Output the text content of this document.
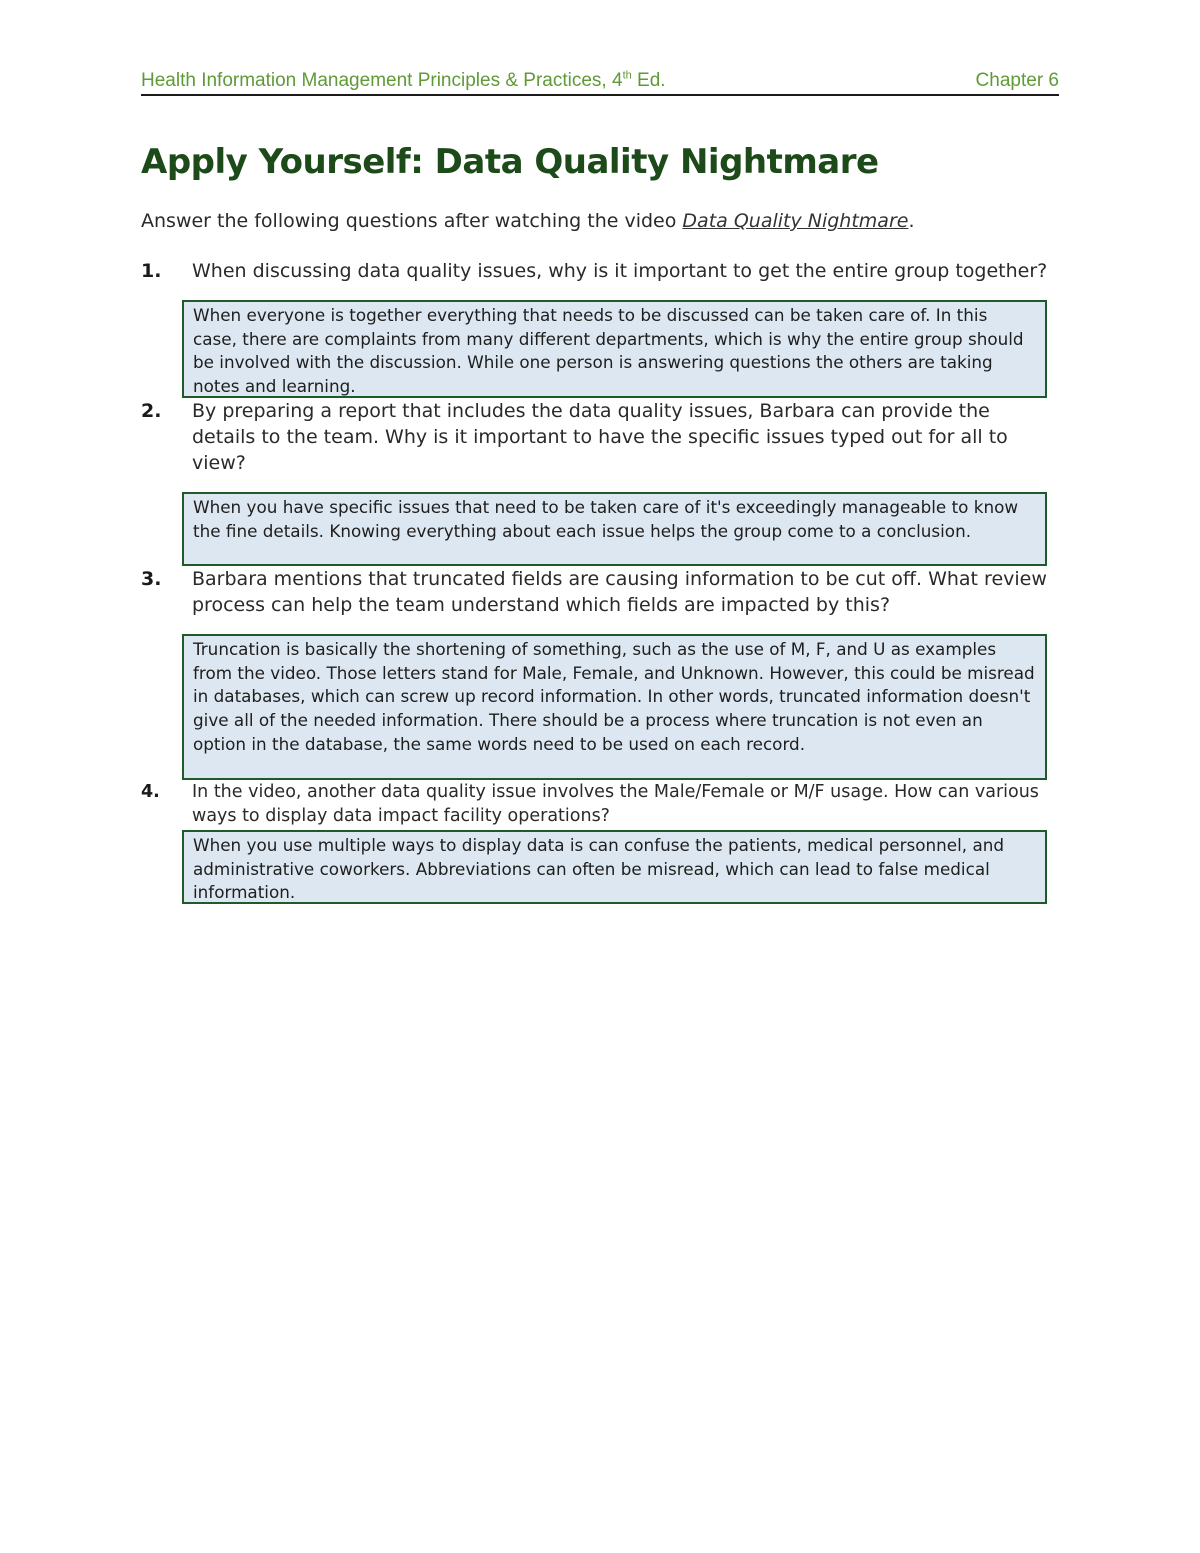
Health Information Management Principles & Practices, 4th Ed.	Chapter 6
Apply Yourself: Data Quality Nightmare
Answer the following questions after watching the video Data Quality Nightmare.
1.	When discussing data quality issues, why is it important to get the entire group together?
When everyone is together everything that needs to be discussed can be taken care of. In this case, there are complaints from many different departments, which is why the entire group should be involved with the discussion. While one person is answering questions the others are taking notes and learning.
2.	By preparing a report that includes the data quality issues, Barbara can provide the details to the team. Why is it important to have the specific issues typed out for all to view?
When you have specific issues that need to be taken care of it's exceedingly manageable to know the fine details. Knowing everything about each issue helps the group come to a conclusion.
3.	Barbara mentions that truncated fields are causing information to be cut off. What review process can help the team understand which fields are impacted by this?
Truncation is basically the shortening of something, such as the use of M, F, and U as examples from the video. Those letters stand for Male, Female, and Unknown. However, this could be misread in databases, which can screw up record information. In other words, truncated information doesn't give all of the needed information. There should be a process where truncation is not even an option in the database, the same words need to be used on each record.
4.	In the video, another data quality issue involves the Male/Female or M/F usage. How can various ways to display data impact facility operations?
When you use multiple ways to display data is can confuse the patients, medical personnel, and administrative coworkers. Abbreviations can often be misread, which can lead to false medical information.
